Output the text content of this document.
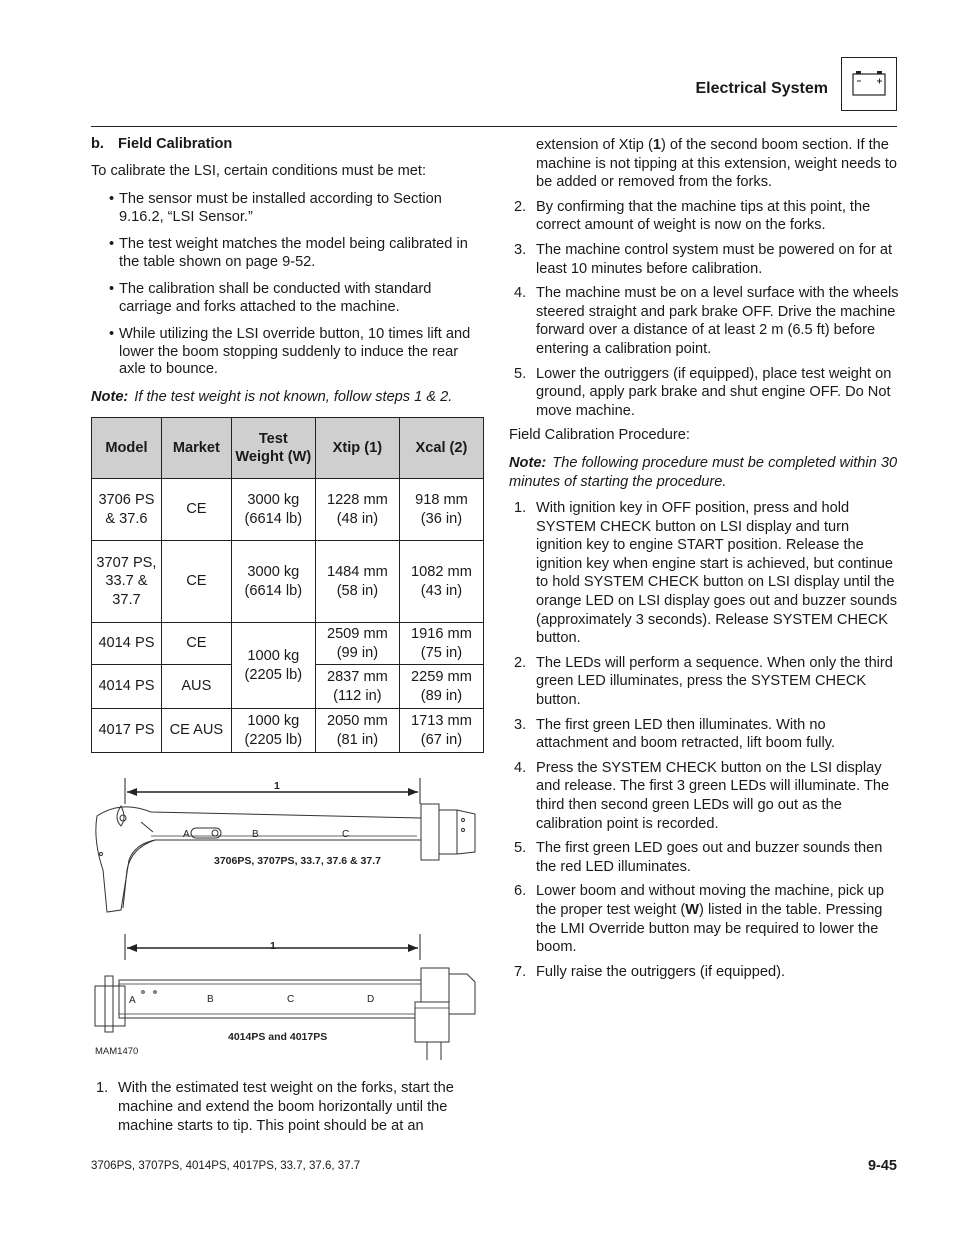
Electrical System
b. Field Calibration

To calibrate the LSI, certain conditions must be met:

• The sensor must be installed according to Section 9.16.2, “LSI Sensor.”
• The test weight matches the model being calibrated in the table shown on page 9-52.
• The calibration shall be conducted with standard carriage and forks attached to the machine.
• While utilizing the LSI override button, 10 times lift and lower the boom stopping suddenly to induce the rear axle to bounce.

Note: If the test weight is not known, follow steps 1 & 2.

Model	Market	Test Weight (W)	Xtip (1)	Xcal (2)
3706 PS & 37.6	CE	3000 kg (6614 lb)	1228 mm (48 in)	918 mm (36 in)
3707 PS, 33.7 & 37.7	CE	3000 kg (6614 lb)	1484 mm (58 in)	1082 mm (43 in)
4014 PS	CE	1000 kg (2205 lb)	2509 mm (99 in)	1916 mm (75 in)
4014 PS	AUS		2837 mm (112 in)	2259 mm (89 in)
4017 PS	CE AUS	1000 kg (2205 lb)	2050 mm (81 in)	1713 mm (67 in)
1
A	B	C
3706PS, 3707PS, 33.7, 37.6 & 37.7
1
A	B	C	D
4014PS and 4017PS
MAM1470
1. With the estimated test weight on the forks, start the machine and extend the boom horizontally until the machine starts to tip. This point should be at an

extension of Xtip (1) of the second boom section. If the machine is not tipping at this extension, weight needs to be added or removed from the forks.

2. By confirming that the machine tips at this point, the correct amount of weight is now on the forks.
3. The machine control system must be powered on for at least 10 minutes before calibration.
4. The machine must be on a level surface with the wheels steered straight and park brake OFF. Drive the machine forward over a distance of at least 2 m (6.5 ft) before entering a calibration point.
5. Lower the outriggers (if equipped), place test weight on ground, apply park brake and shut engine OFF. Do Not move machine.

Field Calibration Procedure:

Note: The following procedure must be completed within 30 minutes of starting the procedure.

1. With ignition key in OFF position, press and hold SYSTEM CHECK button on LSI display and turn ignition key to engine START position. Release the ignition key when engine start is achieved, but continue to hold SYSTEM CHECK button on LSI display until the orange LED on LSI display goes out and buzzer sounds (approximately 3 seconds). Release SYSTEM CHECK button.
2. The LEDs will perform a sequence. When only the third green LED illuminates, press the SYSTEM CHECK button.
3. The first green LED then illuminates. With no attachment and boom retracted, lift boom fully.
4. Press the SYSTEM CHECK button on the LSI display and release. The first 3 green LEDs will illuminate. The third then second green LEDs will go out as the calibration point is recorded.
5. The first green LED goes out and buzzer sounds then the red LED illuminates.
6. Lower boom and without moving the machine, pick up the proper test weight (W) listed in the table. Pressing the LMI Override button may be required to lower the boom.
7. Fully raise the outriggers (if equipped).
3706PS, 3707PS, 4014PS, 4017PS, 33.7, 37.6, 37.7	9-45
